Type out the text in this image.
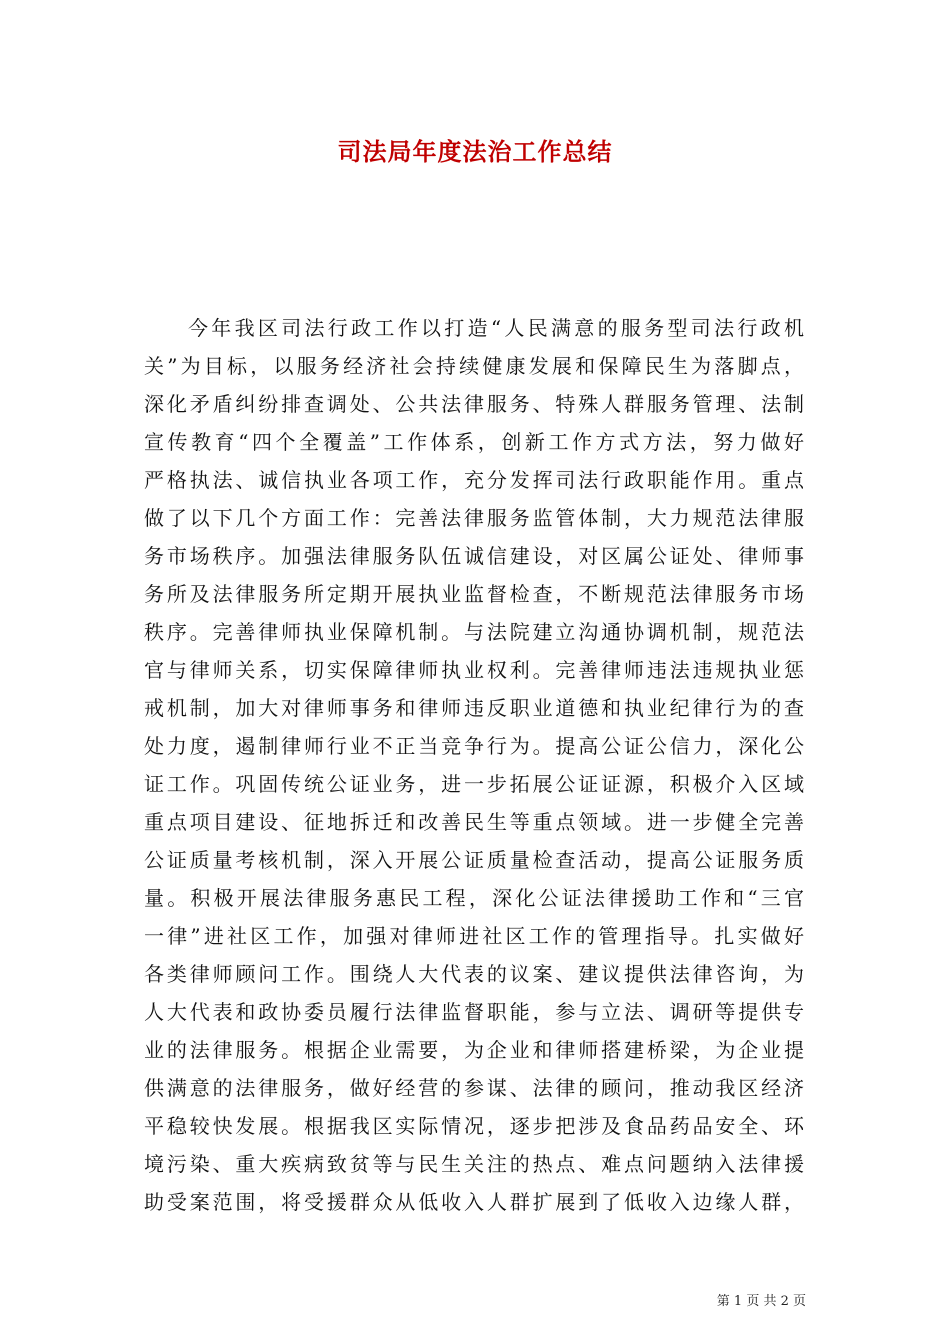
司法局年度法治工作总结
今年我区司法行政工作以打造“人民满意的服务型司法行政机
关”为目标，以服务经济社会持续健康发展和保障民生为落脚点，
深化矛盾纠纷排查调处、公共法律服务、特殊人群服务管理、法制
宣传教育“四个全覆盖”工作体系，创新工作方式方法，努力做好
严格执法、诚信执业各项工作，充分发挥司法行政职能作用。重点
做了以下几个方面工作：完善法律服务监管体制，大力规范法律服
务市场秩序。加强法律服务队伍诚信建设，对区属公证处、律师事
务所及法律服务所定期开展执业监督检查，不断规范法律服务市场
秩序。完善律师执业保障机制。与法院建立沟通协调机制，规范法
官与律师关系，切实保障律师执业权利。完善律师违法违规执业惩
戒机制，加大对律师事务和律师违反职业道德和执业纪律行为的查
处力度，遏制律师行业不正当竞争行为。提高公证公信力，深化公
证工作。巩固传统公证业务，进一步拓展公证证源，积极介入区域
重点项目建设、征地拆迁和改善民生等重点领域。进一步健全完善
公证质量考核机制，深入开展公证质量检查活动，提高公证服务质
量。积极开展法律服务惠民工程，深化公证法律援助工作和“三官
一律”进社区工作，加强对律师进社区工作的管理指导。扎实做好
各类律师顾问工作。围绕人大代表的议案、建议提供法律咨询，为
人大代表和政协委员履行法律监督职能，参与立法、调研等提供专
业的法律服务。根据企业需要，为企业和律师搭建桥梁，为企业提
供满意的法律服务，做好经营的参谋、法律的顾问，推动我区经济
平稳较快发展。根据我区实际情况，逐步把涉及食品药品安全、环
境污染、重大疾病致贫等与民生关注的热点、难点问题纳入法律援
助受案范围，将受援群众从低收入人群扩展到了低收入边缘人群，
第 1 页 共 2 页
